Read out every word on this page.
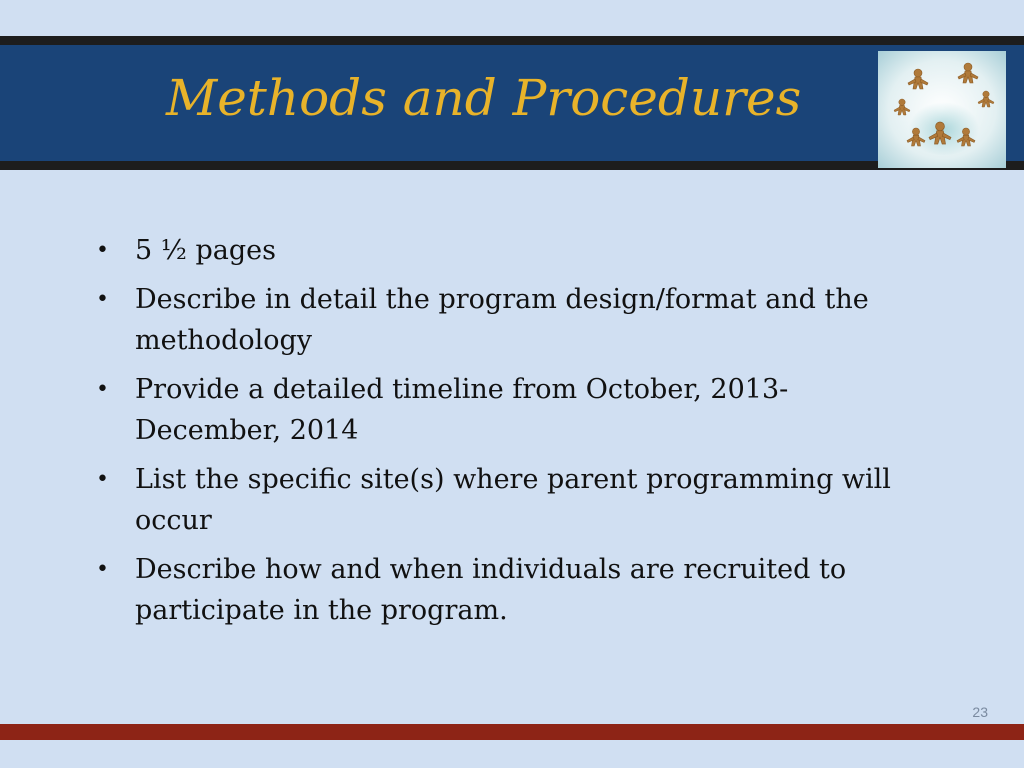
Methods and Procedures
• 5 ½ pages
• Describe in detail the program design/format and the methodology
• Provide a detailed timeline from October, 2013-December, 2014
• List the specific site(s) where parent programming will occur
• Describe how and when individuals are recruited to participate in the program.
23
